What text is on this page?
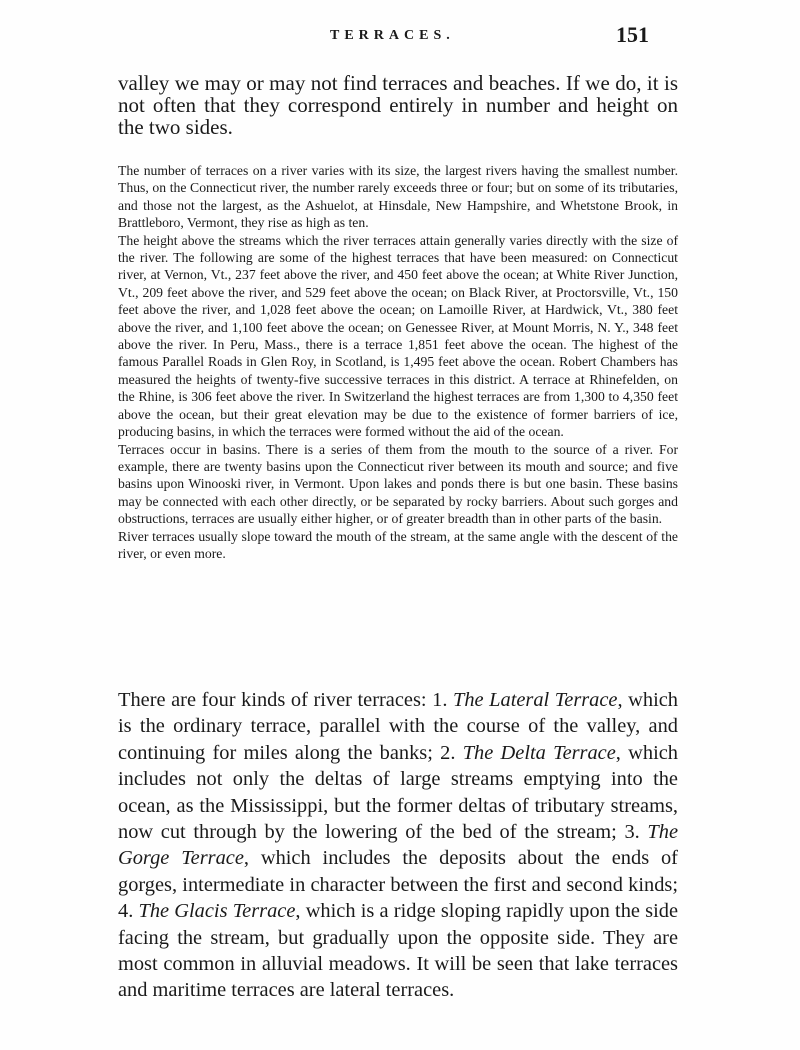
TERRACES.	151

valley we may or may not find terraces and beaches. If we do, it is not often that they correspond entirely in number and height on the two sides.

The number of terraces on a river varies with its size, the largest rivers having the smallest number. Thus, on the Connecticut river, the number rarely exceeds three or four; but on some of its tributaries, and those not the largest, as the Ashuelot, at Hinsdale, New Hampshire, and Whetstone Brook, in Brattleboro, Vermont, they rise as high as ten.

The height above the streams which the river terraces attain generally varies directly with the size of the river. The following are some of the highest terraces that have been measured: on Connecticut river, at Vernon, Vt., 237 feet above the river, and 450 feet above the ocean; at White River Junction, Vt., 209 feet above the river, and 529 feet above the ocean; on Black River, at Proctorsville, Vt., 150 feet above the river, and 1,028 feet above the ocean; on Lamoille River, at Hardwick, Vt., 380 feet above the river, and 1,100 feet above the ocean; on Genessee River, at Mount Morris, N. Y., 348 feet above the river. In Peru, Mass., there is a terrace 1,851 feet above the ocean. The highest of the famous Parallel Roads in Glen Roy, in Scotland, is 1,495 feet above the ocean. Robert Chambers has measured the heights of twenty-five successive terraces in this district. A terrace at Rhinefelden, on the Rhine, is 306 feet above the river. In Switzerland the highest terraces are from 1,300 to 4,350 feet above the ocean, but their great elevation may be due to the existence of former barriers of ice, producing basins, in which the terraces were formed without the aid of the ocean.

Terraces occur in basins. There is a series of them from the mouth to the source of a river. For example, there are twenty basins upon the Connecticut river between its mouth and source; and five basins upon Winooski river, in Vermont. Upon lakes and ponds there is but one basin. These basins may be connected with each other directly, or be separated by rocky barriers. About such gorges and obstructions, terraces are usually either higher, or of greater breadth than in other parts of the basin.

River terraces usually slope toward the mouth of the stream, at the same angle with the descent of the river, or even more.

There are four kinds of river terraces: 1. The Lateral Terrace, which is the ordinary terrace, parallel with the course of the valley, and continuing for miles along the banks; 2. The Delta Terrace, which includes not only the deltas of large streams emptying into the ocean, as the Mississippi, but the former deltas of tributary streams, now cut through by the lowering of the bed of the stream; 3. The Gorge Terrace, which includes the deposits about the ends of gorges, intermediate in character between the first and second kinds; 4. The Glacis Terrace, which is a ridge sloping rapidly upon the side facing the stream, but gradually upon the opposite side. They are most common in alluvial meadows. It will be seen that lake terraces and maritime terraces are lateral terraces.
